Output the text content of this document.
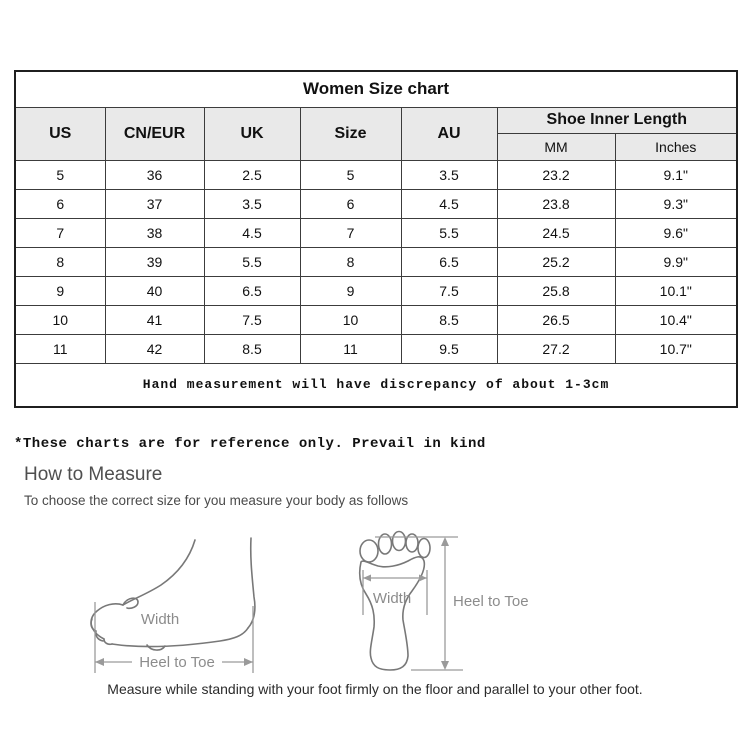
Women Size chart						
US	CN/EUR	UK	Size	AU	Shoe Inner Length	
					MM	Inches
5	36	2.5	5	3.5	23.2	9.1"
6	37	3.5	6	4.5	23.8	9.3"
7	38	4.5	7	5.5	24.5	9.6"
8	39	5.5	8	6.5	25.2	9.9"
9	40	6.5	9	7.5	25.8	10.1"
10	41	7.5	10	8.5	26.5	10.4"
11	42	8.5	11	9.5	27.2	10.7"
Hand measurement will have discrepancy of about 1-3cm						
*These charts are for reference only. Prevail in kind
How to Measure
To choose the correct size for you measure your body as follows
Width
Heel to Toe
Width	Heel to Toe
Measure while standing with your foot firmly on the floor and parallel to your other foot.
